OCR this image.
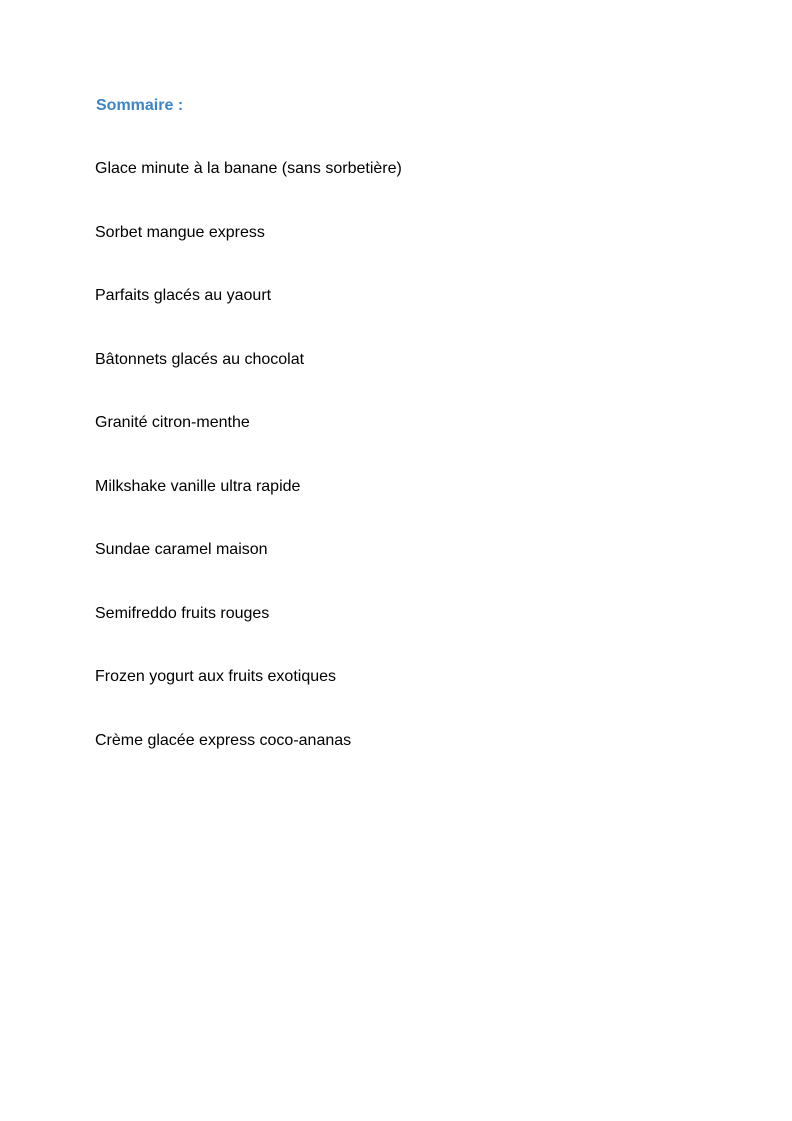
Sommaire :
Glace minute à la banane (sans sorbetière)
Sorbet mangue express
Parfaits glacés au yaourt
Bâtonnets glacés au chocolat
Granité citron-menthe
Milkshake vanille ultra rapide
Sundae caramel maison
Semifreddo fruits rouges
Frozen yogurt aux fruits exotiques
Crème glacée express coco-ananas
